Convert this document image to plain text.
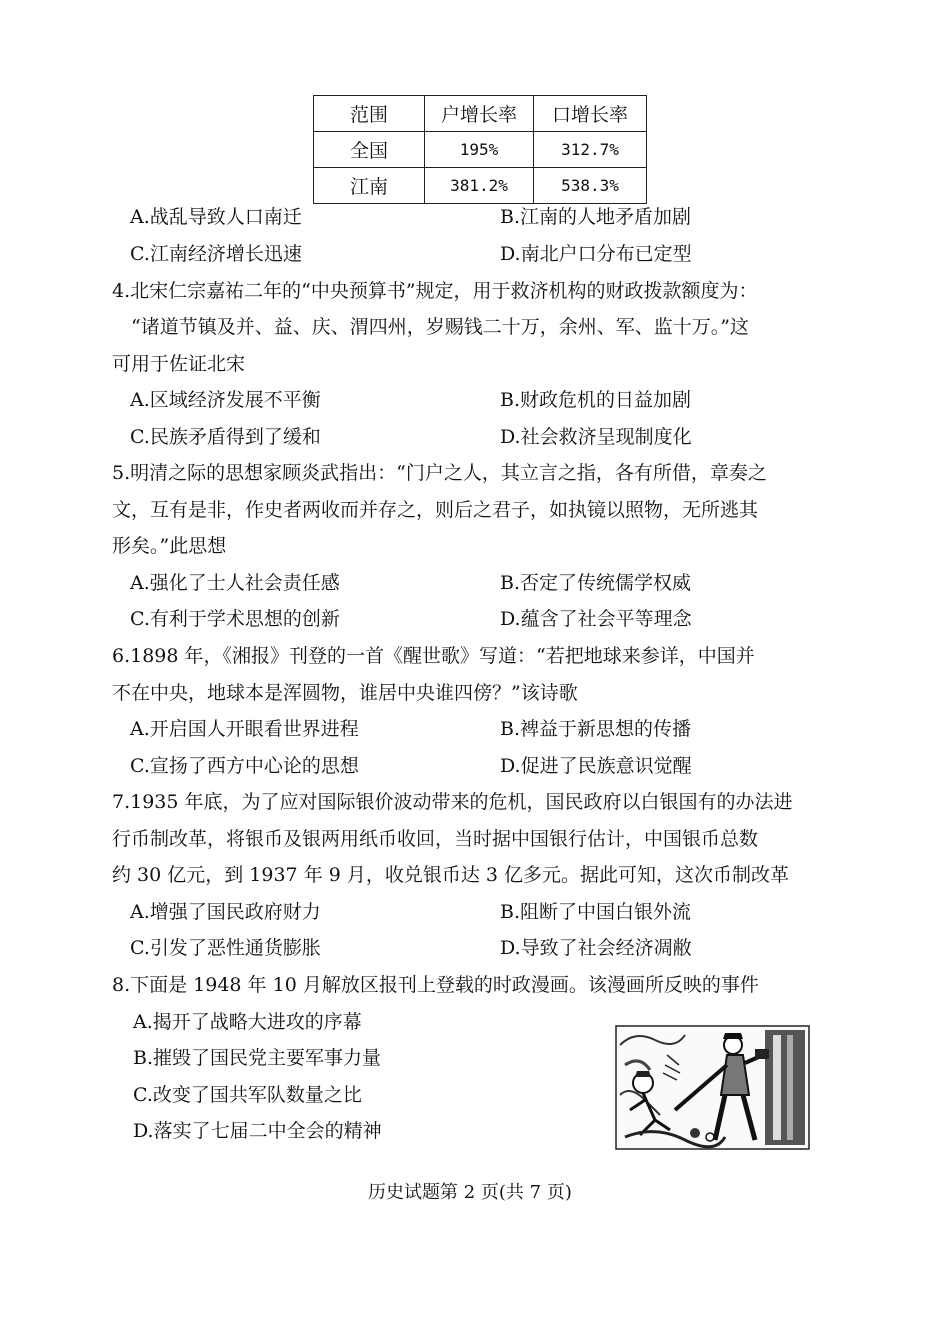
范围	户增长率	口增长率
全国	195%	312.7%
江南	381.2%	538.3%
A.战乱导致人口南迁	B.江南的人地矛盾加剧
C.江南经济增长迅速	D.南北户口分布已定型
4.北宋仁宗嘉祐二年的“中央预算书”规定，用于救济机构的财政拨款额度为：
“诸道节镇及并、益、庆、渭四州，岁赐钱二十万，余州、军、监十万。”这
可用于佐证北宋
A.区域经济发展不平衡	B.财政危机的日益加剧
C.民族矛盾得到了缓和	D.社会救济呈现制度化
5.明清之际的思想家顾炎武指出：“门户之人，其立言之指，各有所借，章奏之
文，互有是非，作史者两收而并存之，则后之君子，如执镜以照物，无所逃其
形矣。”此思想
A.强化了士人社会责任感	B.否定了传统儒学权威
C.有利于学术思想的创新	D.蕴含了社会平等理念
6.1898 年，《湘报》刊登的一首《醒世歌》写道：“若把地球来参详，中国并
不在中央，地球本是浑圆物，谁居中央谁四傍？”该诗歌
A.开启国人开眼看世界进程	B.裨益于新思想的传播
C.宣扬了西方中心论的思想	D.促进了民族意识觉醒
7.1935 年底，为了应对国际银价波动带来的危机，国民政府以白银国有的办法进
行币制改革，将银币及银两用纸币收回，当时据中国银行估计，中国银币总数
约 30 亿元，到 1937 年 9 月，收兑银币达 3 亿多元。据此可知，这次币制改革
A.增强了国民政府财力	B.阻断了中国白银外流
C.引发了恶性通货膨胀	D.导致了社会经济凋敝
8.下面是 1948 年 10 月解放区报刊上登载的时政漫画。该漫画所反映的事件
A.揭开了战略大进攻的序幕
B.摧毁了国民党主要军事力量
C.改变了国共军队数量之比
D.落实了七届二中全会的精神
历史试题第 2 页(共 7 页)
